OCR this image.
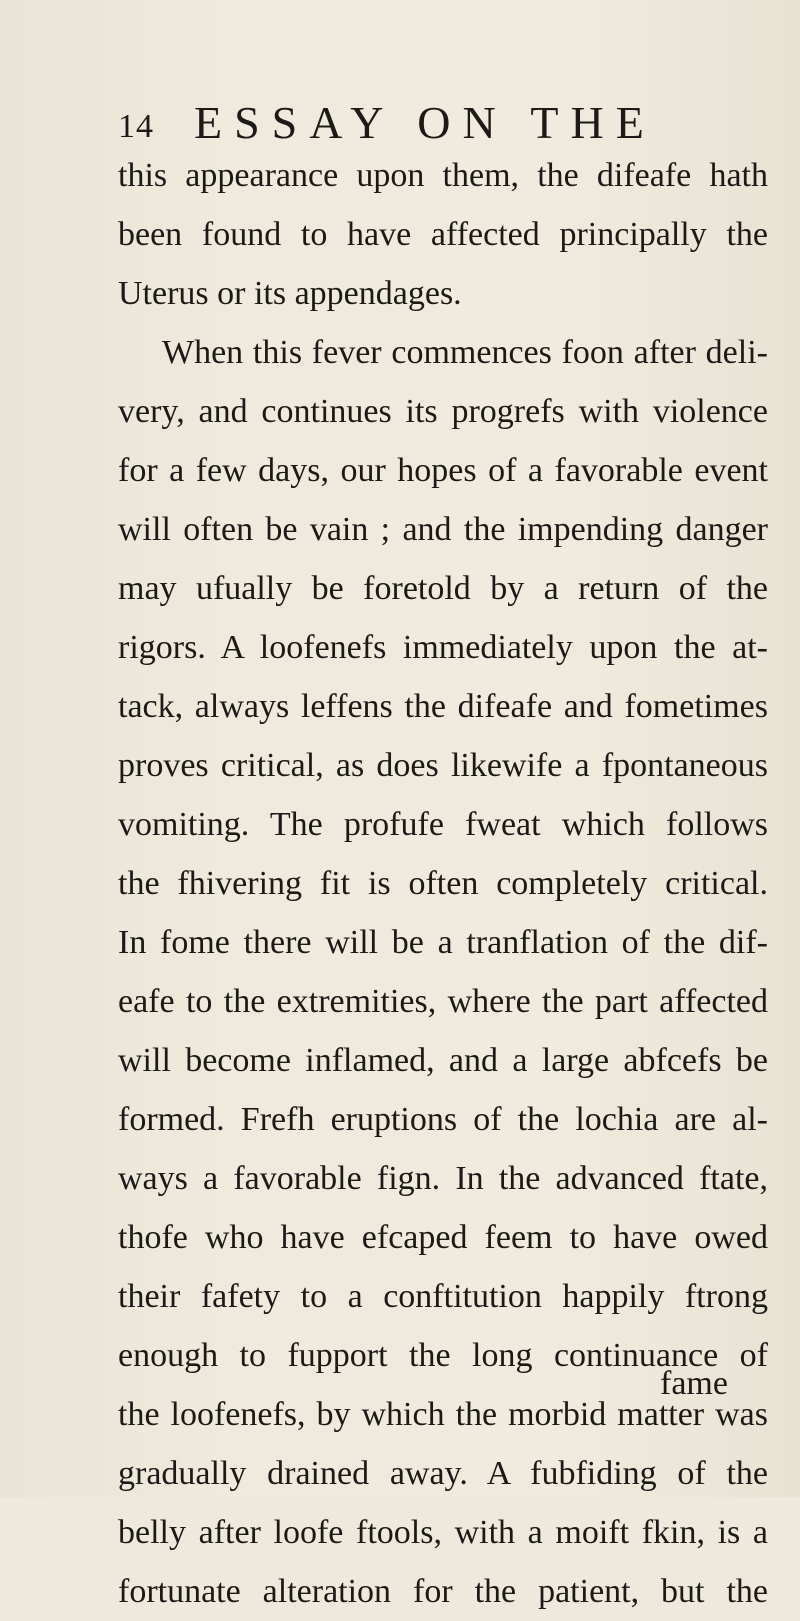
14 ESSAY ON THE
this appearance upon them, the difeafe hath
been found to have affected principally the
Uterus or its appendages.
When this fever commences foon after deli-
very, and continues its progrefs with violence
for a few days, our hopes of a favorable event
will often be vain ; and the impending danger
may ufually be foretold by a return of the
rigors. A loofenefs immediately upon the at-
tack, always leffens the difeafe and fometimes
proves critical, as does likewife a fpontaneous
vomiting. The profufe fweat which follows
the fhivering fit is often completely critical.
In fome there will be a tranflation of the dif-
eafe to the extremities, where the part affected
will become inflamed, and a large abfcefs be
formed. Frefh eruptions of the lochia are al-
ways a favorable fign. In the advanced ftate,
thofe who have efcaped feem to have owed
their fafety to a conftitution happily ftrong
enough to fupport the long continuance of
the loofenefs, by which the morbid matter was
gradually drained away. A fubfiding of the
belly after loofe ftools, with a moift fkin, is a
fortunate alteration for the patient, but the
fame
